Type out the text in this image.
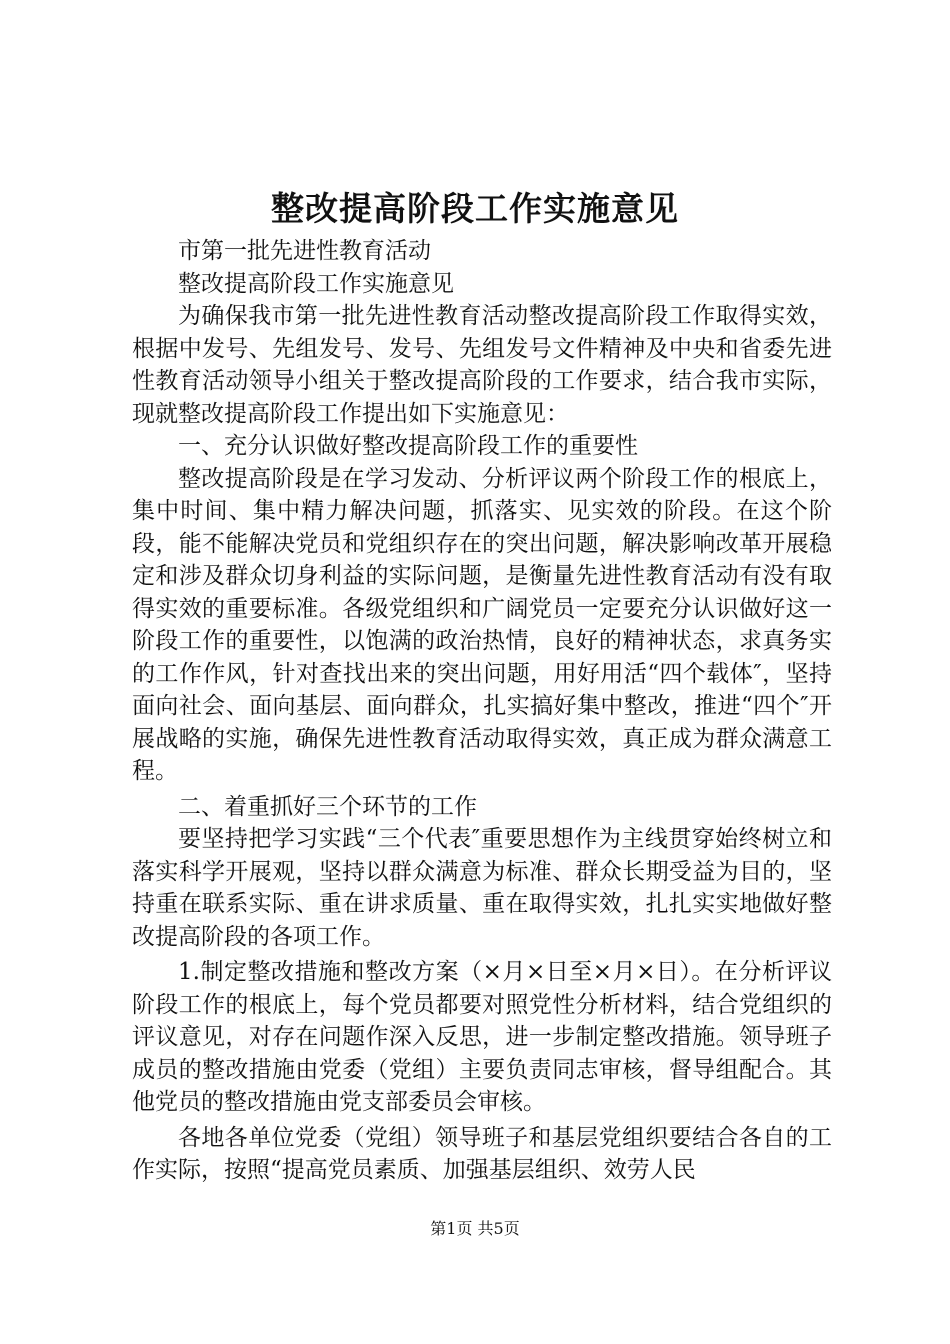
整改提高阶段工作实施意见

市第一批先进性教育活动

整改提高阶段工作实施意见

为确保我市第一批先进性教育活动整改提高阶段工作取得实效，根据中发号、先组发号、发号、先组发号文件精神及中央和省委先进性教育活动领导小组关于整改提高阶段的工作要求，结合我市实际，现就整改提高阶段工作提出如下实施意见：

一、充分认识做好整改提高阶段工作的重要性

整改提高阶段是在学习发动、分析评议两个阶段工作的根底上，集中时间、集中精力解决问题，抓落实、见实效的阶段。在这个阶段，能不能解决党员和党组织存在的突出问题，解决影响改革开展稳定和涉及群众切身利益的实际问题，是衡量先进性教育活动有没有取得实效的重要标准。各级党组织和广阔党员一定要充分认识做好这一阶段工作的重要性，以饱满的政治热情，良好的精神状态，求真务实的工作作风，针对查找出来的突出问题，用好用活“四个载体″，坚持面向社会、面向基层、面向群众，扎实搞好集中整改，推进“四个″开展战略的实施，确保先进性教育活动取得实效，真正成为群众满意工程。

二、着重抓好三个环节的工作

要坚持把学习实践“三个代表″重要思想作为主线贯穿始终树立和落实科学开展观，坚持以群众满意为标准、群众长期受益为目的，坚持重在联系实际、重在讲求质量、重在取得实效，扎扎实实地做好整改提高阶段的各项工作。

1.制定整改措施和整改方案（×月×日至×月×日）。在分析评议阶段工作的根底上，每个党员都要对照党性分析材料，结合党组织的评议意见，对存在问题作深入反思，进一步制定整改措施。领导班子成员的整改措施由党委（党组）主要负责同志审核，督导组配合。其他党员的整改措施由党支部委员会审核。

各地各单位党委（党组）领导班子和基层党组织要结合各自的工作实际，按照“提高党员素质、加强基层组织、效劳人民

第1页 共5页
